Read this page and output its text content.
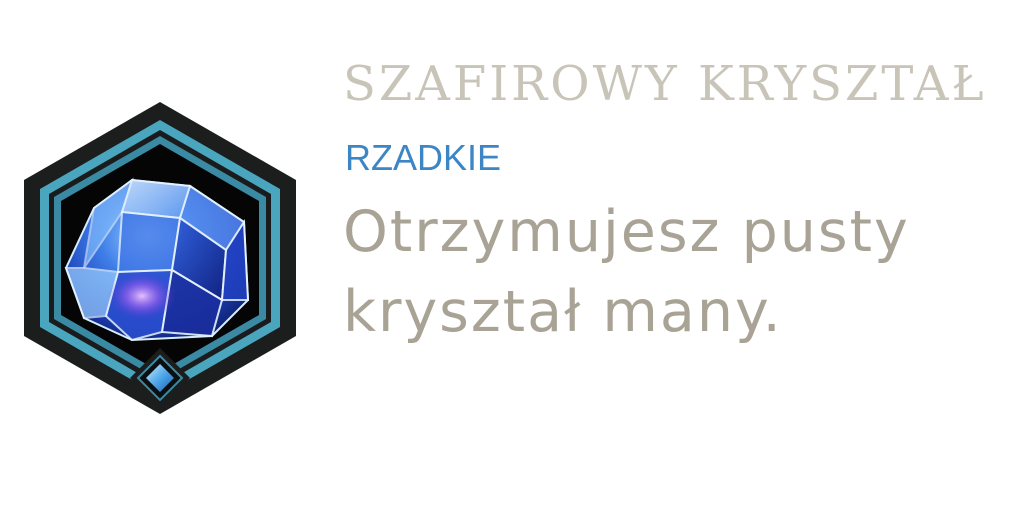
SZAFIROWY KRYSZTAŁ
RZADKIE

Otrzymujesz pusty kryształ many.
